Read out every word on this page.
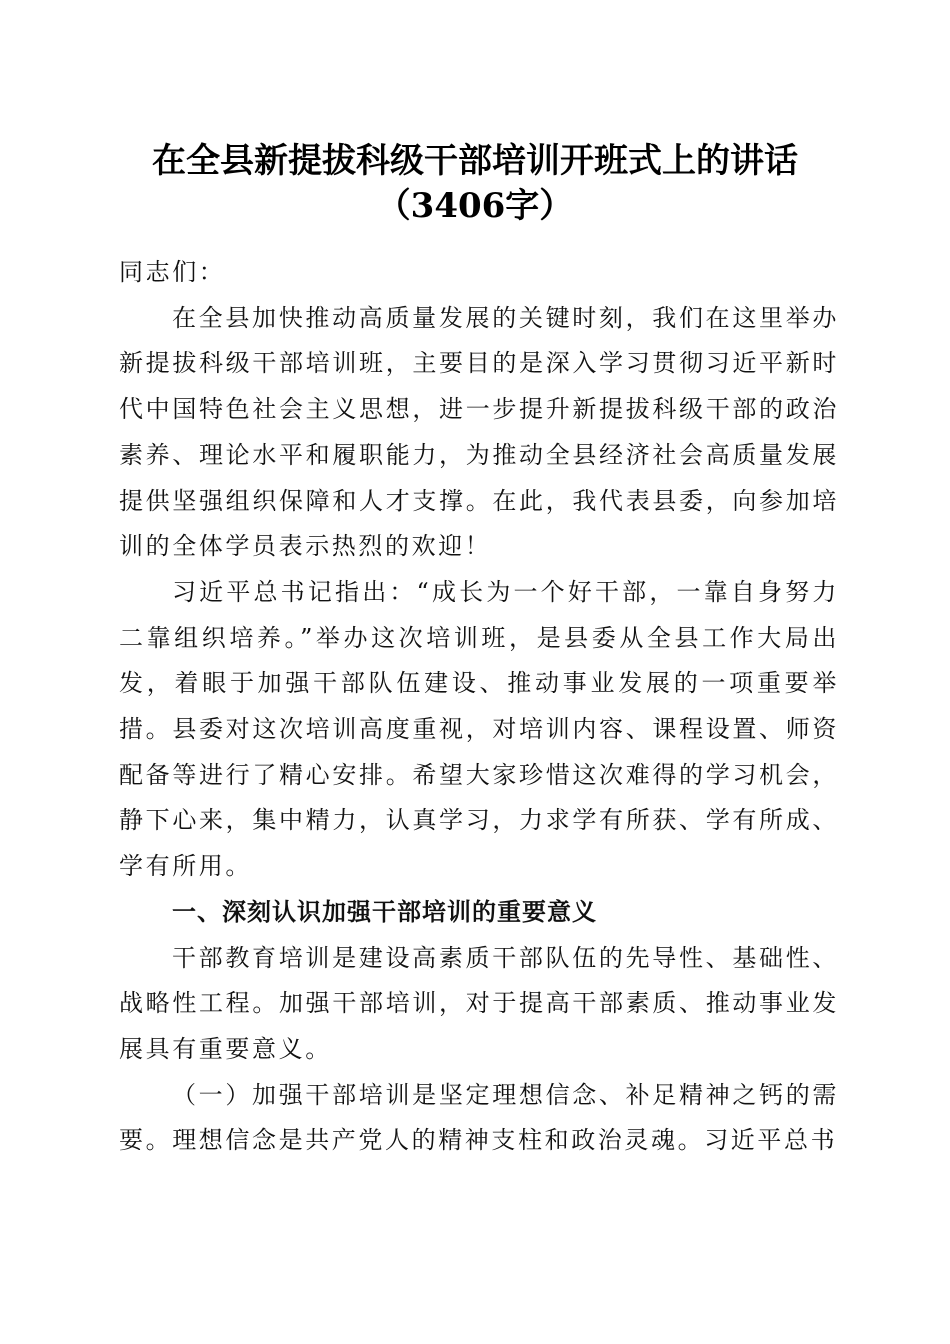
在全县新提拔科级干部培训开班式上的讲话
（3406字）

同志们：

在全县加快推动高质量发展的关键时刻，我们在这里举办新提拔科级干部培训班，主要目的是深入学习贯彻习近平新时代中国特色社会主义思想，进一步提升新提拔科级干部的政治素养、理论水平和履职能力，为推动全县经济社会高质量发展提供坚强组织保障和人才支撑。在此，我代表县委，向参加培训的全体学员表示热烈的欢迎！

习近平总书记指出：“成长为一个好干部，一靠自身努力二靠组织培养。”举办这次培训班，是县委从全县工作大局出发，着眼于加强干部队伍建设、推动事业发展的一项重要举措。县委对这次培训高度重视，对培训内容、课程设置、师资配备等进行了精心安排。希望大家珍惜这次难得的学习机会，静下心来，集中精力，认真学习，力求学有所获、学有所成、学有所用。

一、深刻认识加强干部培训的重要意义

干部教育培训是建设高素质干部队伍的先导性、基础性、战略性工程。加强干部培训，对于提高干部素质、推动事业发展具有重要意义。

（一）加强干部培训是坚定理想信念、补足精神之钙的需要。理想信念是共产党人的精神支柱和政治灵魂。习近平总书
